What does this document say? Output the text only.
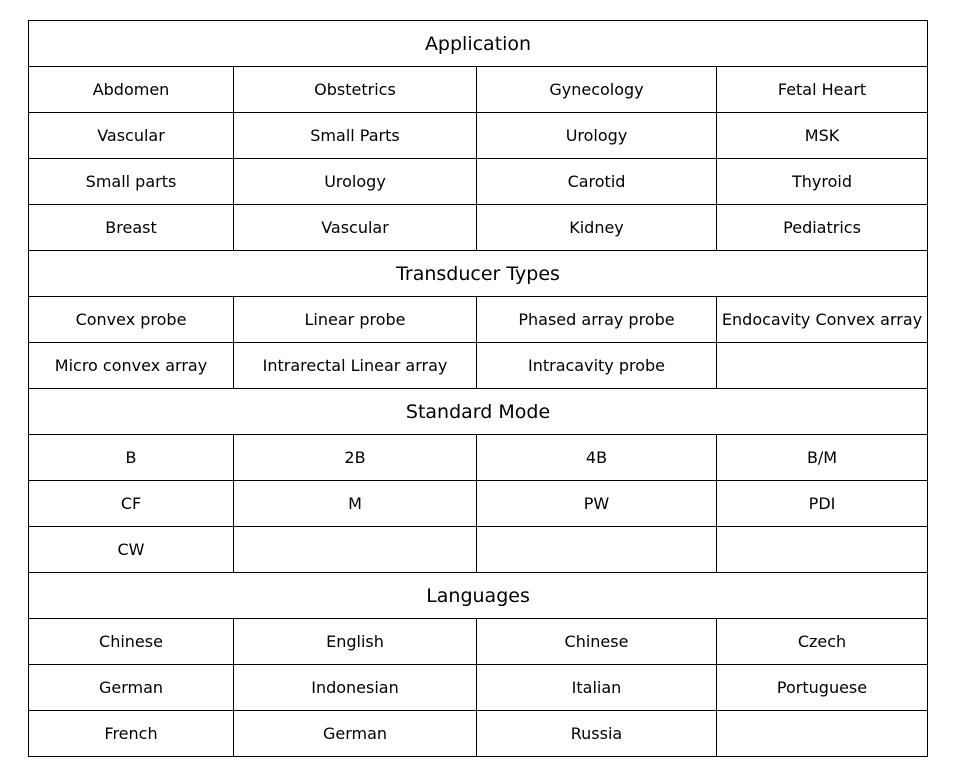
Application			
Abdomen	Obstetrics	Gynecology	Fetal Heart
Vascular	Small Parts	Urology	MSK
Small parts	Urology	Carotid	Thyroid
Breast	Vascular	Kidney	Pediatrics
Transducer Types			
Convex probe	Linear probe	Phased array probe	Endocavity Convex array
Micro convex array	Intrarectal Linear array	Intracavity probe	
Standard Mode			
B	2B	4B	B/M
CF	M	PW	PDI
CW			
Languages			
Chinese	English	Chinese	Czech
German	Indonesian	Italian	Portuguese
French	German	Russia	
